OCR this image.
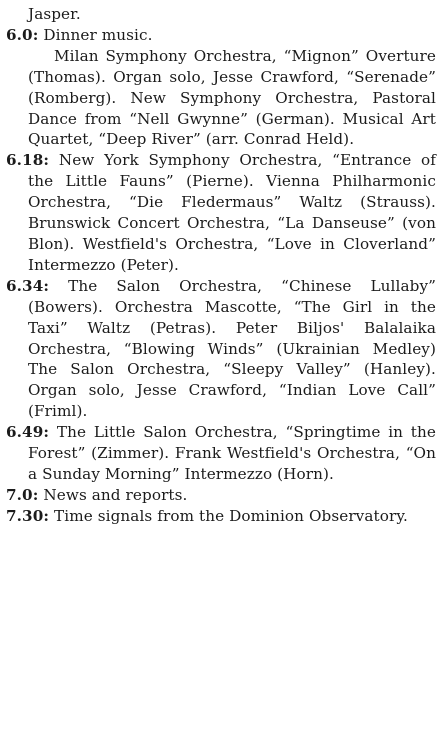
Jasper.

6.0: Dinner music.

Milan Symphony Orchestra, “Mignon” Overture (Thomas). Organ solo, Jesse Crawford, “Serenade” (Romberg). New Symphony Orchestra, Pastoral Dance from “Nell Gwynne” (German). Musical Art Quartet, “Deep River” (arr. Conrad Held).

6.18: New York Symphony Orchestra, “Entrance of the Little Fauns” (Pierne). Vienna Philharmonic Orchestra, “Die Fledermaus” Waltz (Strauss). Brunswick Concert Orchestra, “La Danseuse” (von Blon). Westfield's Orchestra, “Love in Cloverland” Intermezzo (Peter).

6.34: The Salon Orchestra, “Chinese Lullaby” (Bowers). Orchestra Mascotte, “The Girl in the Taxi” Waltz (Petras). Peter Biljos' Balalaika Orchestra, “Blowing Winds” (Ukrainian Medley) The Salon Orchestra, “Sleepy Valley” (Hanley). Organ solo, Jesse Crawford, “Indian Love Call” (Friml).

6.49: The Little Salon Orchestra, “Springtime in the Forest” (Zimmer). Frank Westfield's Orchestra, “On a Sunday Morning” Intermezzo (Horn).

7.0: News and reports.

7.30: Time signals from the Dominion Observatory.
